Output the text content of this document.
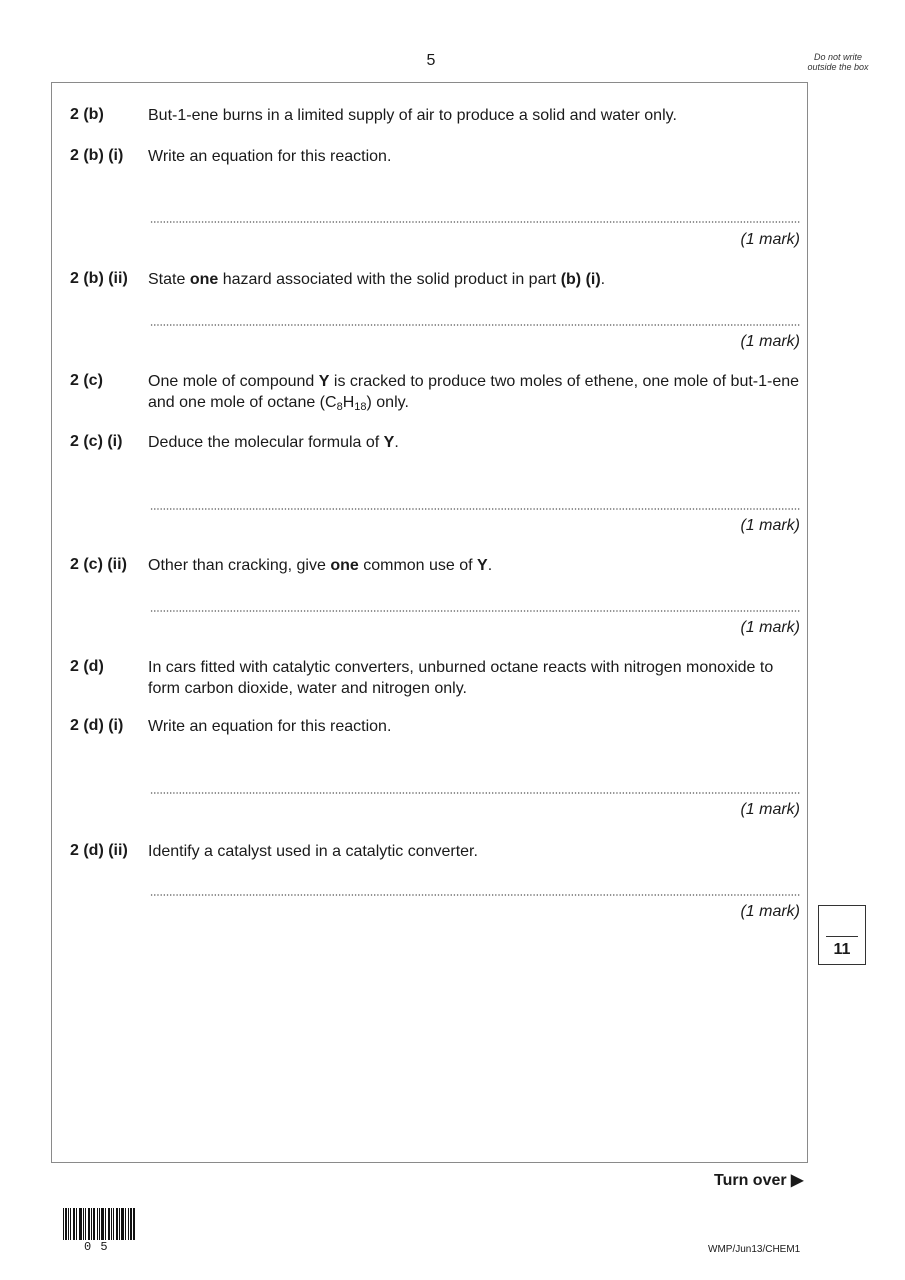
5	Do not write outside the box
2 (b)	But-1-ene burns in a limited supply of air to produce a solid and water only.
2 (b) (i) Write an equation for this reaction.
(1 mark)
2 (b) (ii) State one hazard associated with the solid product in part (b) (i).
(1 mark)
2 (c)	One mole of compound Y is cracked to produce two moles of ethene, one mole of but-1-ene and one mole of octane $(C_8H_{18})$ only.
2 (c) (i) Deduce the molecular formula of Y.
(1 mark)
2 (c) (ii) Other than cracking, give one common use of Y.
(1 mark)
2 (d)	In cars fitted with catalytic converters, unburned octane reacts with nitrogen monoxide to form carbon dioxide, water and nitrogen only.
2 (d) (i) Write an equation for this reaction.
(1 mark)
2 (d) (ii) Identify a catalyst used in a catalytic converter.
(1 mark)
11
Turn over ▶
0 5	WMP/Jun13/CHEM1
